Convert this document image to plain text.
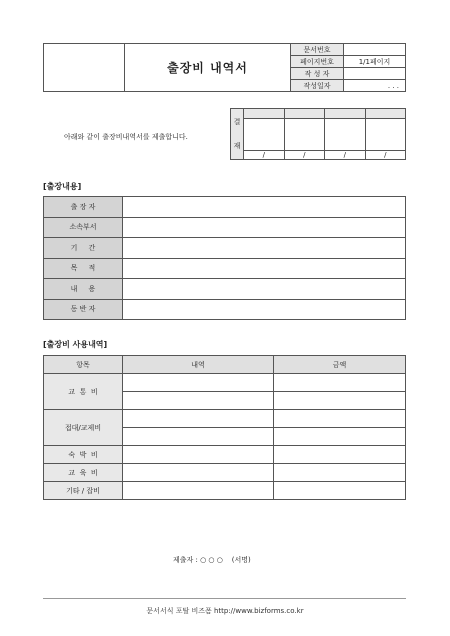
	출장비 내역서	문서번호	
		페이지번호	1/1페이지
		작 성 자	
		작성일자	. . .
결
재				

	/	/	/	/
아래와 같이 출장비내역서를 제출합니다.
[출장내용]
출 장 자	
소속부서	
기     간	
목     적	
내     용	
동 반 자	
[출장비 사용내역]
항목	내역	금액
교  통  비		

접대/교제비		

숙  박  비		
교  육  비		
기타 / 잡비		
제출자 : ○ ○ ○    (서명)
문서서식 포탈 비즈폼 http://www.bizforms.co.kr
